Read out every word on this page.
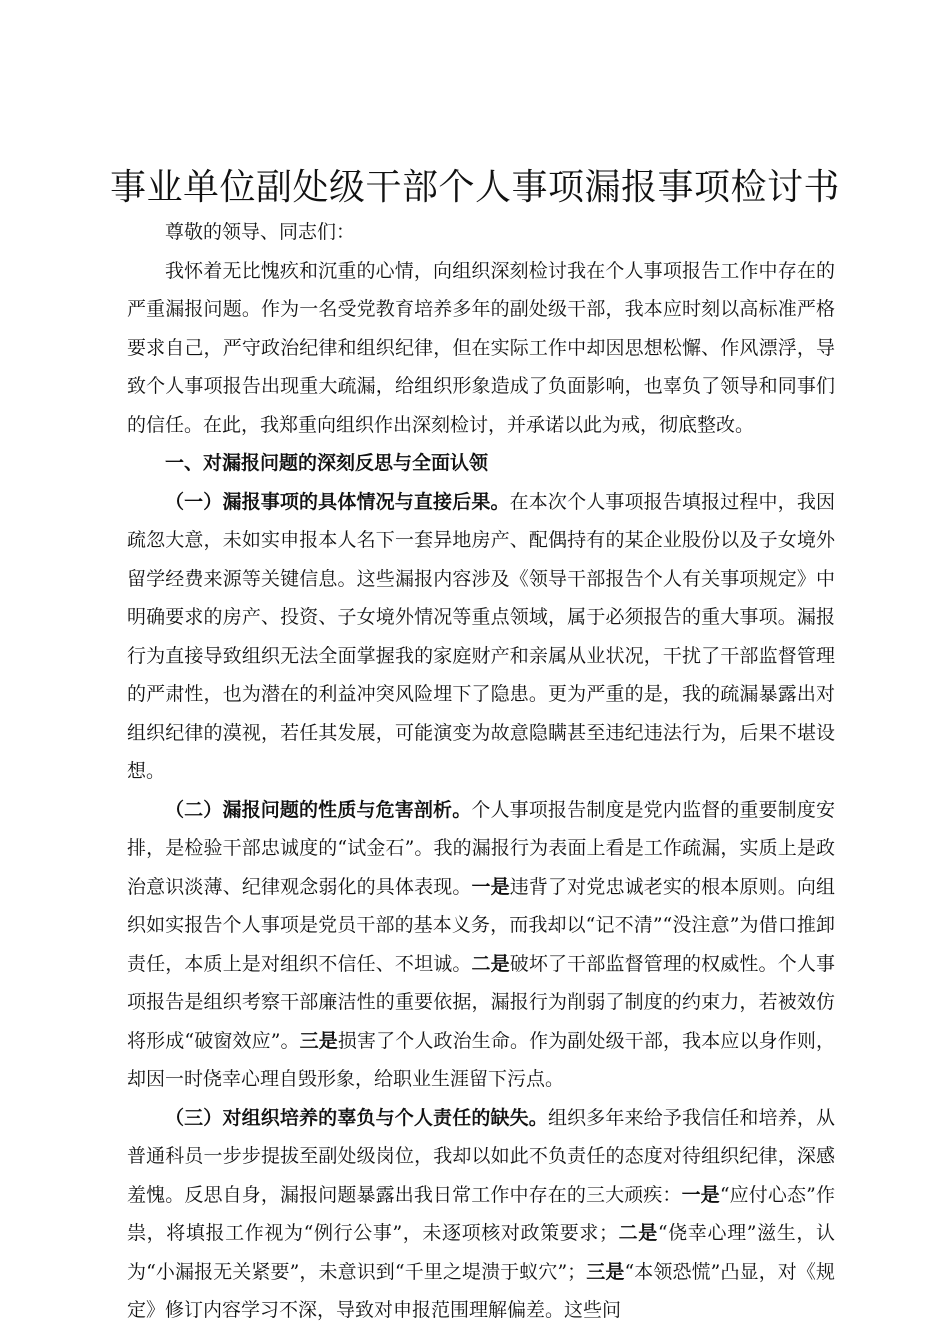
事业单位副处级干部个人事项漏报事项检讨书

尊敬的领导、同志们：

我怀着无比愧疚和沉重的心情，向组织深刻检讨我在个人事项报告工作中存在的严重漏报问题。作为一名受党教育培养多年的副处级干部，我本应时刻以高标准严格要求自己，严守政治纪律和组织纪律，但在实际工作中却因思想松懈、作风漂浮，导致个人事项报告出现重大疏漏，给组织形象造成了负面影响，也辜负了领导和同事们的信任。在此，我郑重向组织作出深刻检讨，并承诺以此为戒，彻底整改。

一、对漏报问题的深刻反思与全面认领

（一）漏报事项的具体情况与直接后果。在本次个人事项报告填报过程中，我因疏忽大意，未如实申报本人名下一套异地房产、配偶持有的某企业股份以及子女境外留学经费来源等关键信息。这些漏报内容涉及《领导干部报告个人有关事项规定》中明确要求的房产、投资、子女境外情况等重点领域，属于必须报告的重大事项。漏报行为直接导致组织无法全面掌握我的家庭财产和亲属从业状况，干扰了干部监督管理的严肃性，也为潜在的利益冲突风险埋下了隐患。更为严重的是，我的疏漏暴露出对组织纪律的漠视，若任其发展，可能演变为故意隐瞒甚至违纪违法行为，后果不堪设想。

（二）漏报问题的性质与危害剖析。个人事项报告制度是党内监督的重要制度安排，是检验干部忠诚度的“试金石”。我的漏报行为表面上看是工作疏漏，实质上是政治意识淡薄、纪律观念弱化的具体表现。一是违背了对党忠诚老实的根本原则。向组织如实报告个人事项是党员干部的基本义务，而我却以“记不清”“没注意”为借口推卸责任，本质上是对组织不信任、不坦诚。二是破坏了干部监督管理的权威性。个人事项报告是组织考察干部廉洁性的重要依据，漏报行为削弱了制度的约束力，若被效仿将形成“破窗效应”。三是损害了个人政治生命。作为副处级干部，我本应以身作则，却因一时侥幸心理自毁形象，给职业生涯留下污点。

（三）对组织培养的辜负与个人责任的缺失。组织多年来给予我信任和培养，从普通科员一步步提拔至副处级岗位，我却以如此不负责任的态度对待组织纪律，深感羞愧。反思自身，漏报问题暴露出我日常工作中存在的三大顽疾：一是“应付心态”作祟，将填报工作视为“例行公事”，未逐项核对政策要求；二是“侥幸心理”滋生，认为“小漏报无关紧要”，未意识到“千里之堤溃于蚁穴”；三是“本领恐慌”凸显，对《规定》修订内容学习不深，导致对申报范围理解偏差。这些问
